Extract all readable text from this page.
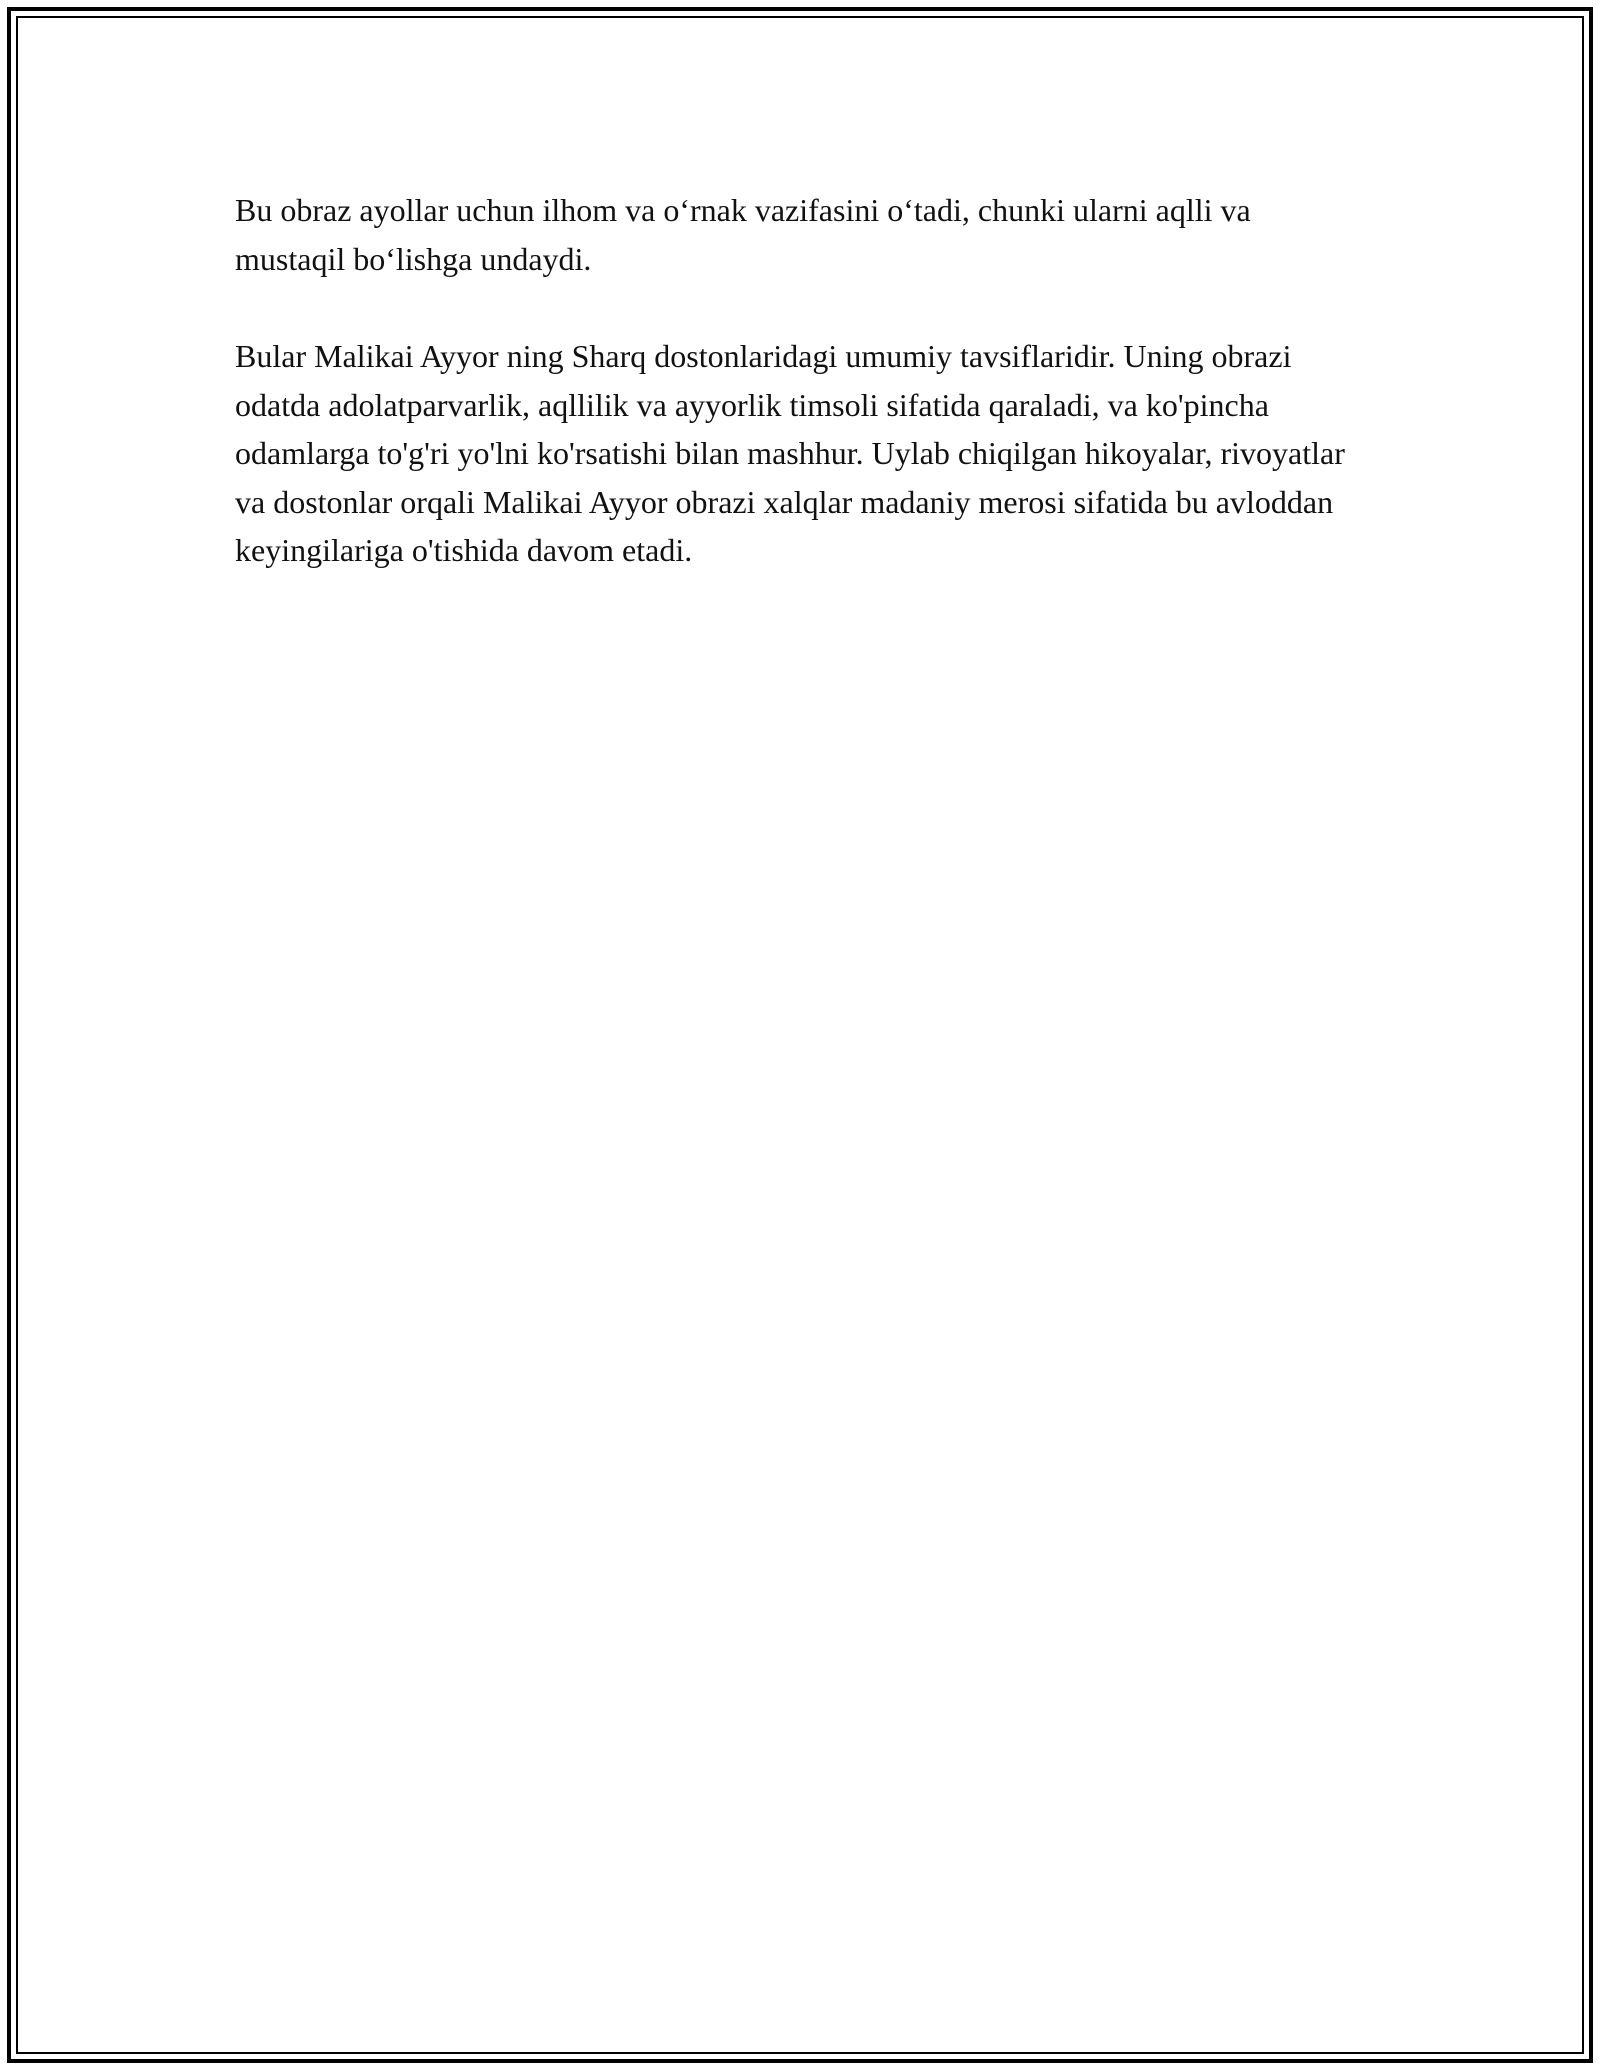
Bu obraz ayollar uchun ilhom va o‘rnak vazifasini o‘tadi, chunki ularni aqlli va mustaqil bo‘lishga undaydi.

Bular Malikai Ayyor ning Sharq dostonlaridagi umumiy tavsiflaridir. Uning obrazi odatda adolatparvarlik, aqllilik va ayyorlik timsoli sifatida qaraladi, va ko'pincha odamlarga to'g'ri yo'lni ko'rsatishi bilan mashhur. Uylab chiqilgan hikoyalar, rivoyatlar va dostonlar orqali Malikai Ayyor obrazi xalqlar madaniy merosi sifatida bu avloddan keyingilariga o'tishida davom etadi.
